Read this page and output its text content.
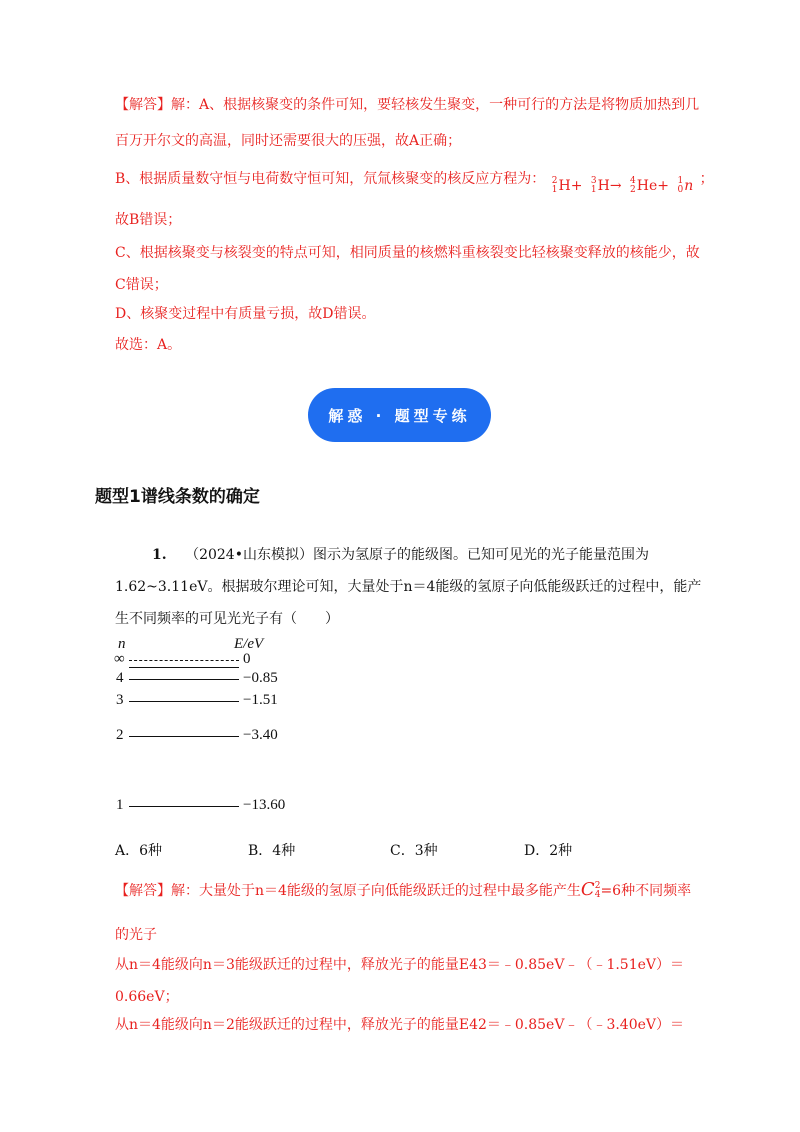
【解答】解：A、根据核聚变的条件可知，要轻核发生聚变，一种可行的方法是将物质加热到几
百万开尔文的高温，同时还需要很大的压强，故A正确；
B、根据质量数守恒与电荷数守恒可知，氘氚核聚变的核反应方程为： 2
1 H+
3
1 H→
4
2 He+
1
0 n ；
故B错误；
C、根据核聚变与核裂变的特点可知，相同质量的核燃料重核裂变比轻核聚变释放的核能少，故
C错误；
D、核聚变过程中有质量亏损，故D错误。
故选：A。
解惑 · 题型专练
题型1谱线条数的确定
1. （2024•山东模拟）图示为氢原子的能级图。已知可见光的光子能量范围为
1.62~3.11eV。根据玻尔理论可知，大量处于n＝4能级的氢原子向低能级跃迁的过程中，能产
生不同频率的可见光光子有（　　）
n	E/eV
∞	0
4	−0.85
3	−1.51
2	−3.40
1	−13.60
A．6种	B．4种	C．3种	D．2种
【解答】解：大量处于n＝4能级的氢原子向低能级跃迁的过程中最多能产生C 2
4 =6种不同频率
的光子
从n＝4能级向n＝3能级跃迁的过程中，释放光子的能量E43＝﹣0.85eV﹣（﹣1.51eV）＝
0.66eV；
从n＝4能级向n＝2能级跃迁的过程中，释放光子的能量E42＝﹣0.85eV﹣（﹣3.40eV）＝
